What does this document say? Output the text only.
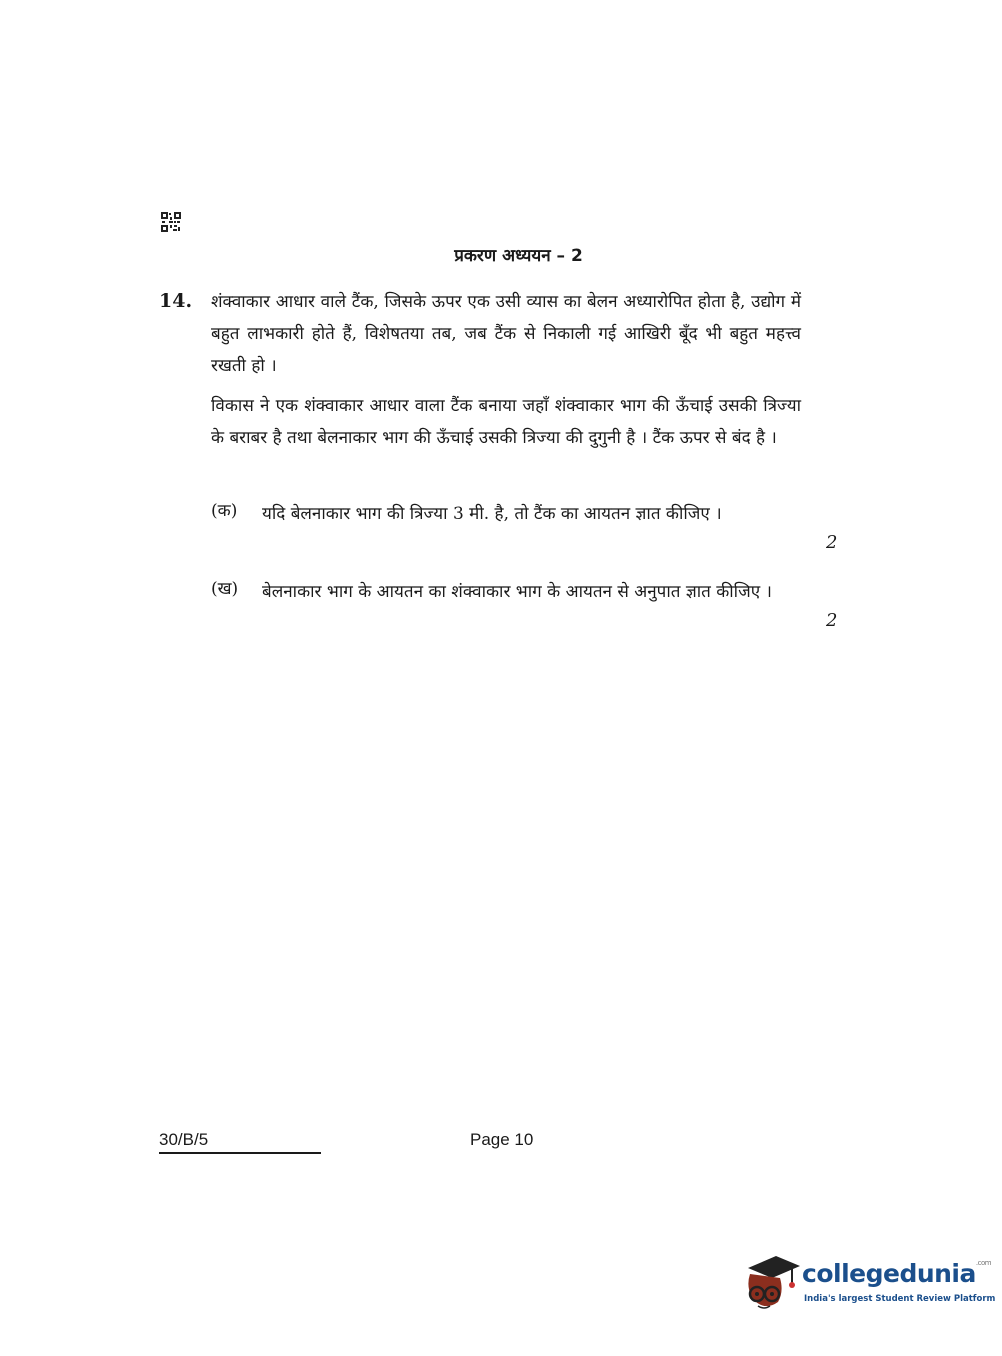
प्रकरण अध्ययन – 2
14. शंक्वाकार आधार वाले टैंक, जिसके ऊपर एक उसी व्यास का बेलन अध्यारोपित होता है, उद्योग में बहुत लाभकारी होते हैं, विशेषतया तब, जब टैंक से निकाली गई आखिरी बूँद भी बहुत महत्त्व रखती हो ।
विकास ने एक शंक्वाकार आधार वाला टैंक बनाया जहाँ शंक्वाकार भाग की ऊँचाई उसकी त्रिज्या के बराबर है तथा बेलनाकार भाग की ऊँचाई उसकी त्रिज्या की दुगुनी है । टैंक ऊपर से बंद है ।
(क) यदि बेलनाकार भाग की त्रिज्या 3 मी. है, तो टैंक का आयतन ज्ञात कीजिए ।
2
(ख) बेलनाकार भाग के आयतन का शंक्वाकार भाग के आयतन से अनुपात ज्ञात कीजिए ।
2
30/B/5	Page 10
collegedunia$^{.com}$
India's largest Student Review Platform
